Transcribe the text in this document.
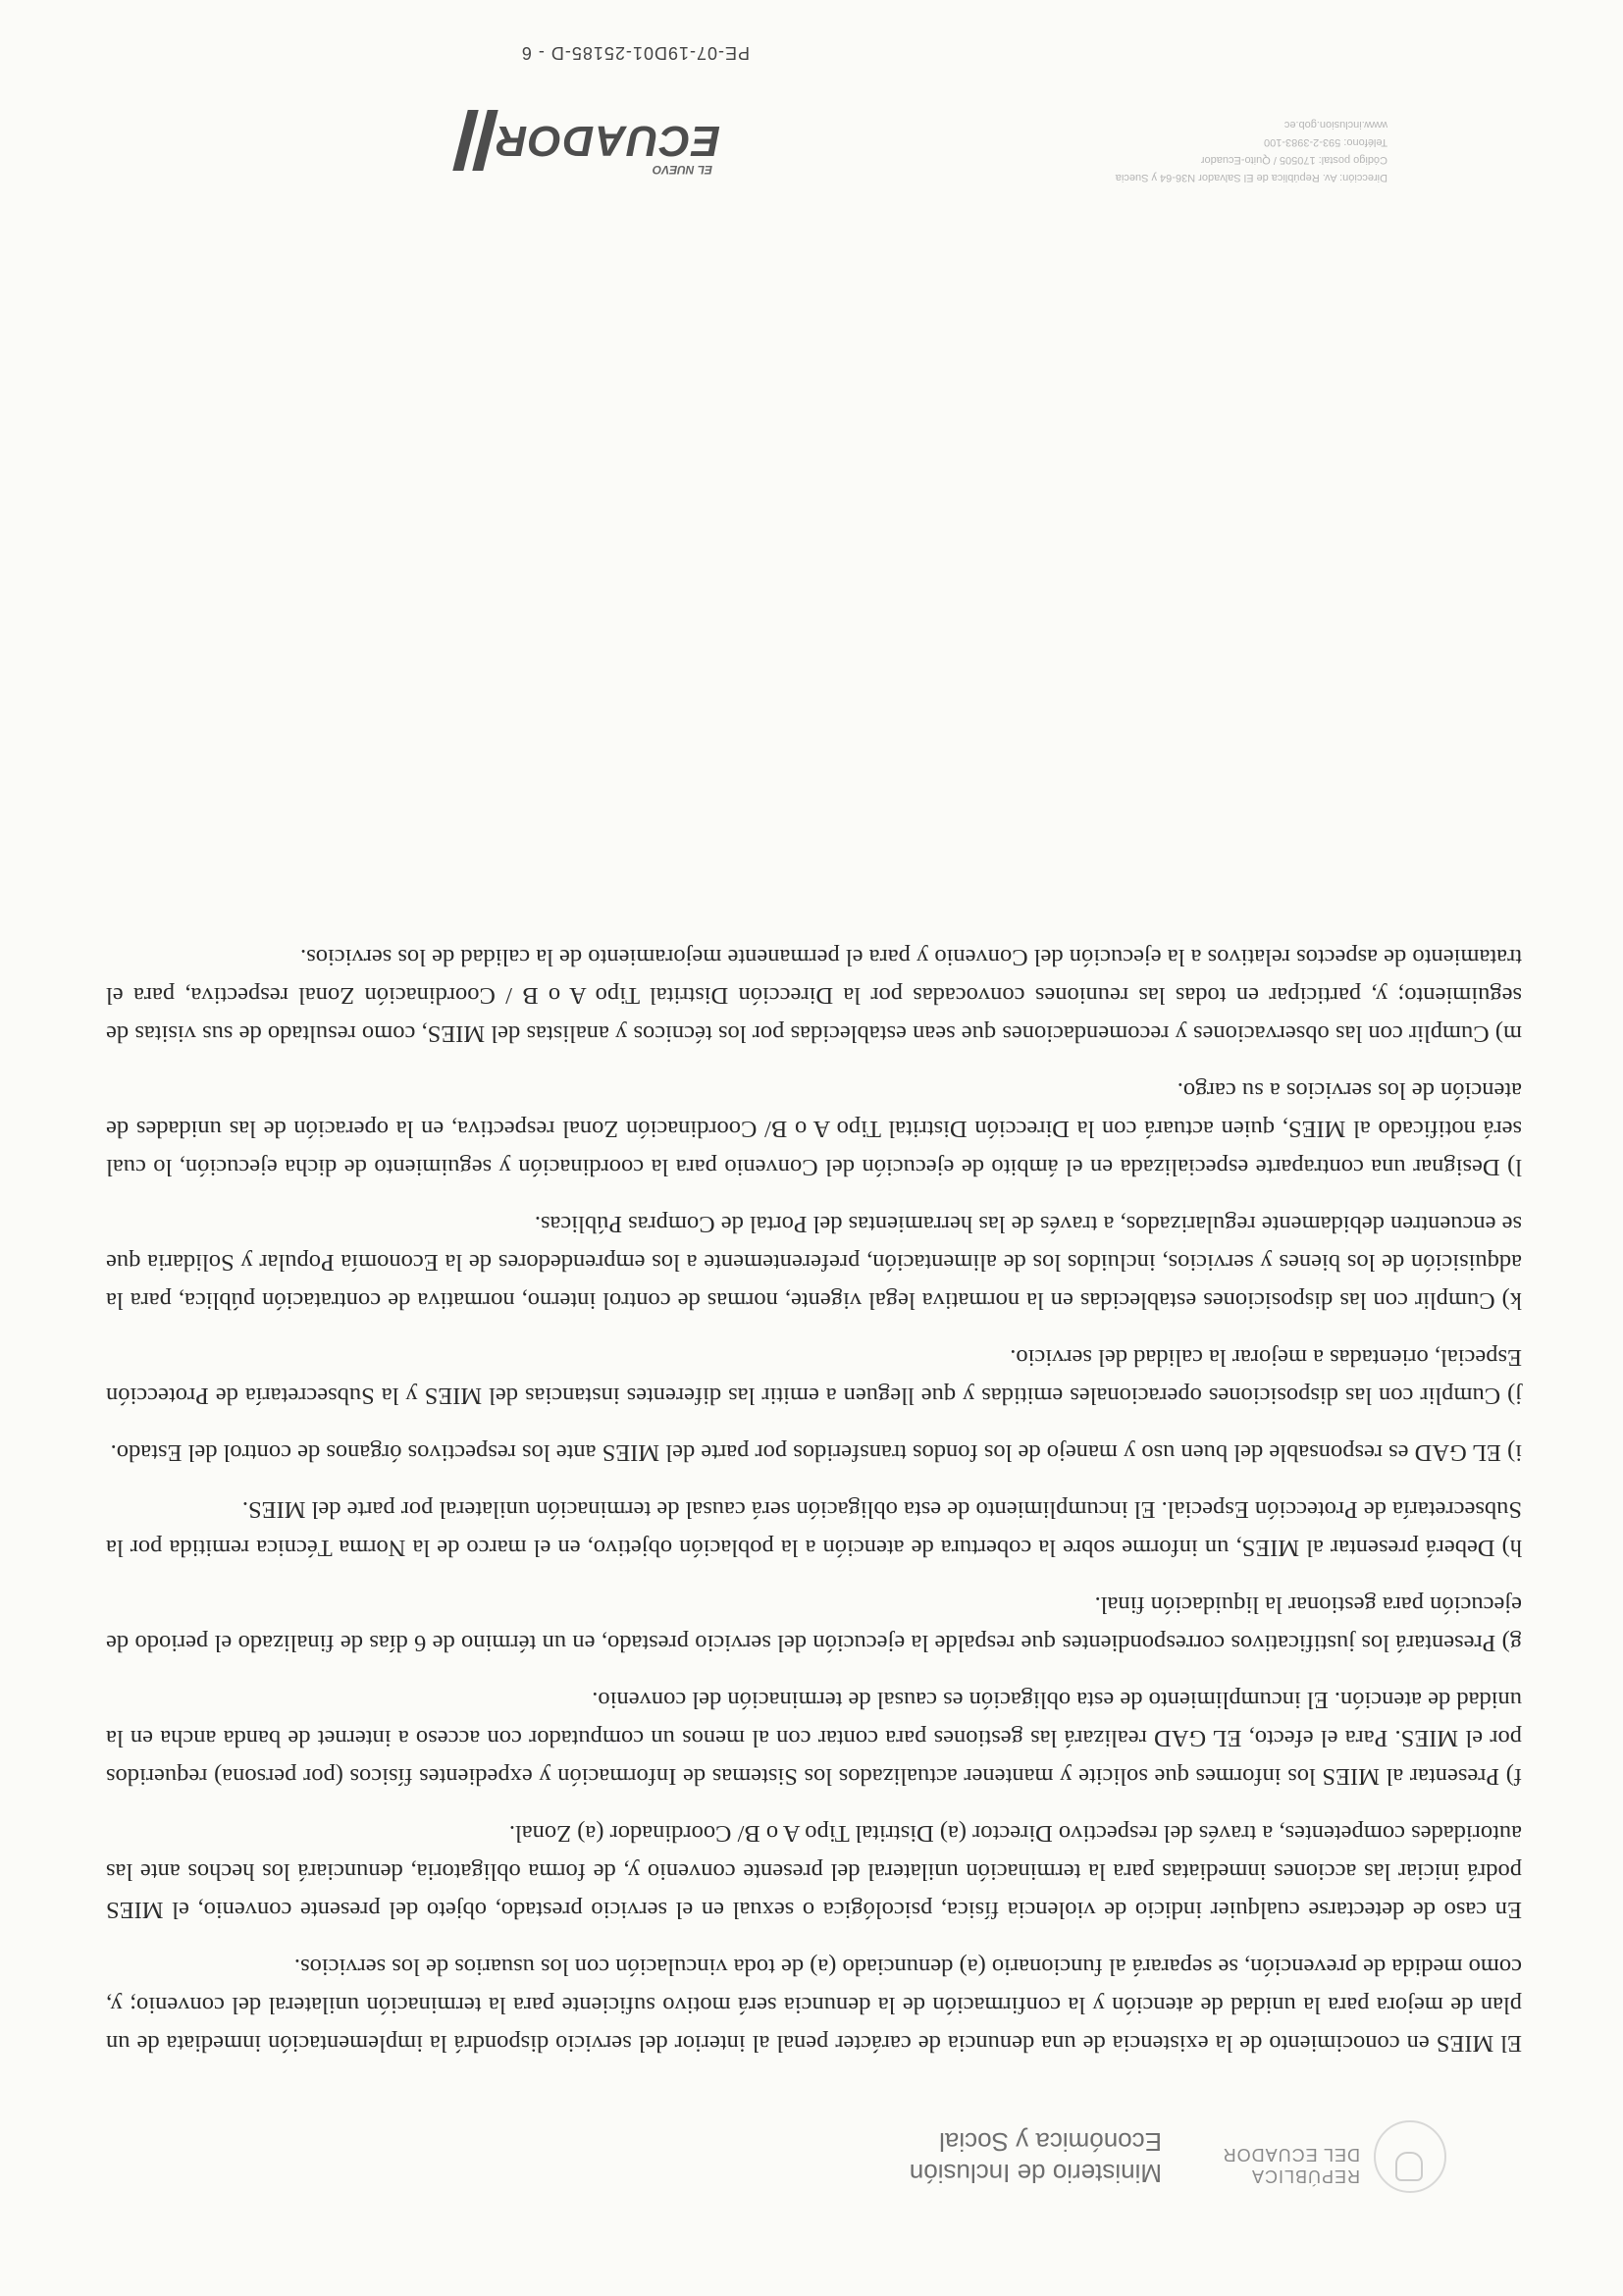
REPÚBLICA
DEL ECUADOR
Ministerio de Inclusión
Económica y Social

El MIES en conocimiento de la existencia de una denuncia de carácter penal al interior del servicio dispondrá la implementación inmediata de un plan de mejora para la unidad de atención y la confirmación de la denuncia será motivo suficiente para la terminación unilateral del convenio; y, como medida de prevención, se separará al funcionario (a) denunciado (a) de toda vinculación con los usuarios de los servicios.

En caso de detectarse cualquier indicio de violencia física, psicológica o sexual en el servicio prestado, objeto del presente convenio, el MIES podrá iniciar las acciones inmediatas para la terminación unilateral del presente convenio y, de forma obligatoria, denunciará los hechos ante las autoridades competentes, a través del respectivo Director (a) Distrital Tipo A o B/ Coordinador (a) Zonal.

f) Presentar al MIES los informes que solicite y mantener actualizados los Sistemas de Información y expedientes físicos (por persona) requeridos por el MIES. Para el efecto, EL GAD realizará las gestiones para contar con al menos un computador con acceso a internet de banda ancha en la unidad de atención. El incumplimiento de esta obligación es causal de terminación del convenio.

g) Presentará los justificativos correspondientes que respalde la ejecución del servicio prestado, en un término de 6 días de finalizado el periodo de ejecución para gestionar la liquidación final.

h) Deberá presentar al MIES, un informe sobre la cobertura de atención a la población objetivo, en el marco de la Norma Técnica remitida por la Subsecretaría de Protección Especial. El incumplimiento de esta obligación será causal de terminación unilateral por parte del MIES.

i) EL GAD es responsable del buen uso y manejo de los fondos transferidos por parte del MIES ante los respectivos órganos de control del Estado.

j) Cumplir con las disposiciones operacionales emitidas y que lleguen a emitir las diferentes instancias del MIES y la Subsecretaría de Protección Especial, orientadas a mejorar la calidad del servicio.

k) Cumplir con las disposiciones establecidas en la normativa legal vigente, normas de control interno, normativa de contratación pública, para la adquisición de los bienes y servicios, incluidos los de alimentación, preferentemente a los emprendedores de la Economía Popular y Solidaria que se encuentren debidamente regularizados, a través de las herramientas del Portal de Compras Públicas.

l) Designar una contraparte especializada en el ámbito de ejecución del Convenio para la coordinación y seguimiento de dicha ejecución, lo cual será notificado al MIES, quien actuará con la Dirección Distrital Tipo A o B/ Coordinación Zonal respectiva, en la operación de las unidades de atención de los servicios a su cargo.

m) Cumplir con las observaciones y recomendaciones que sean establecidas por los técnicos y analistas del MIES, como resultado de sus visitas de seguimiento; y, participar en todas las reuniones convocadas por la Dirección Distrital Tipo A o B / Coordinación Zonal respectiva, para el tratamiento de aspectos relativos a la ejecución del Convenio y para el permanente mejoramiento de la calidad de los servicios.

Dirección: Av. República de El Salvador N36-64 y Suecia
Código postal: 170505 / Quito-Ecuador
Teléfono: 593-2-3983-100
www.inclusion.gob.ec
EL NUEVO
ECUADOR
PE-07-19D01-25185-D - 6
